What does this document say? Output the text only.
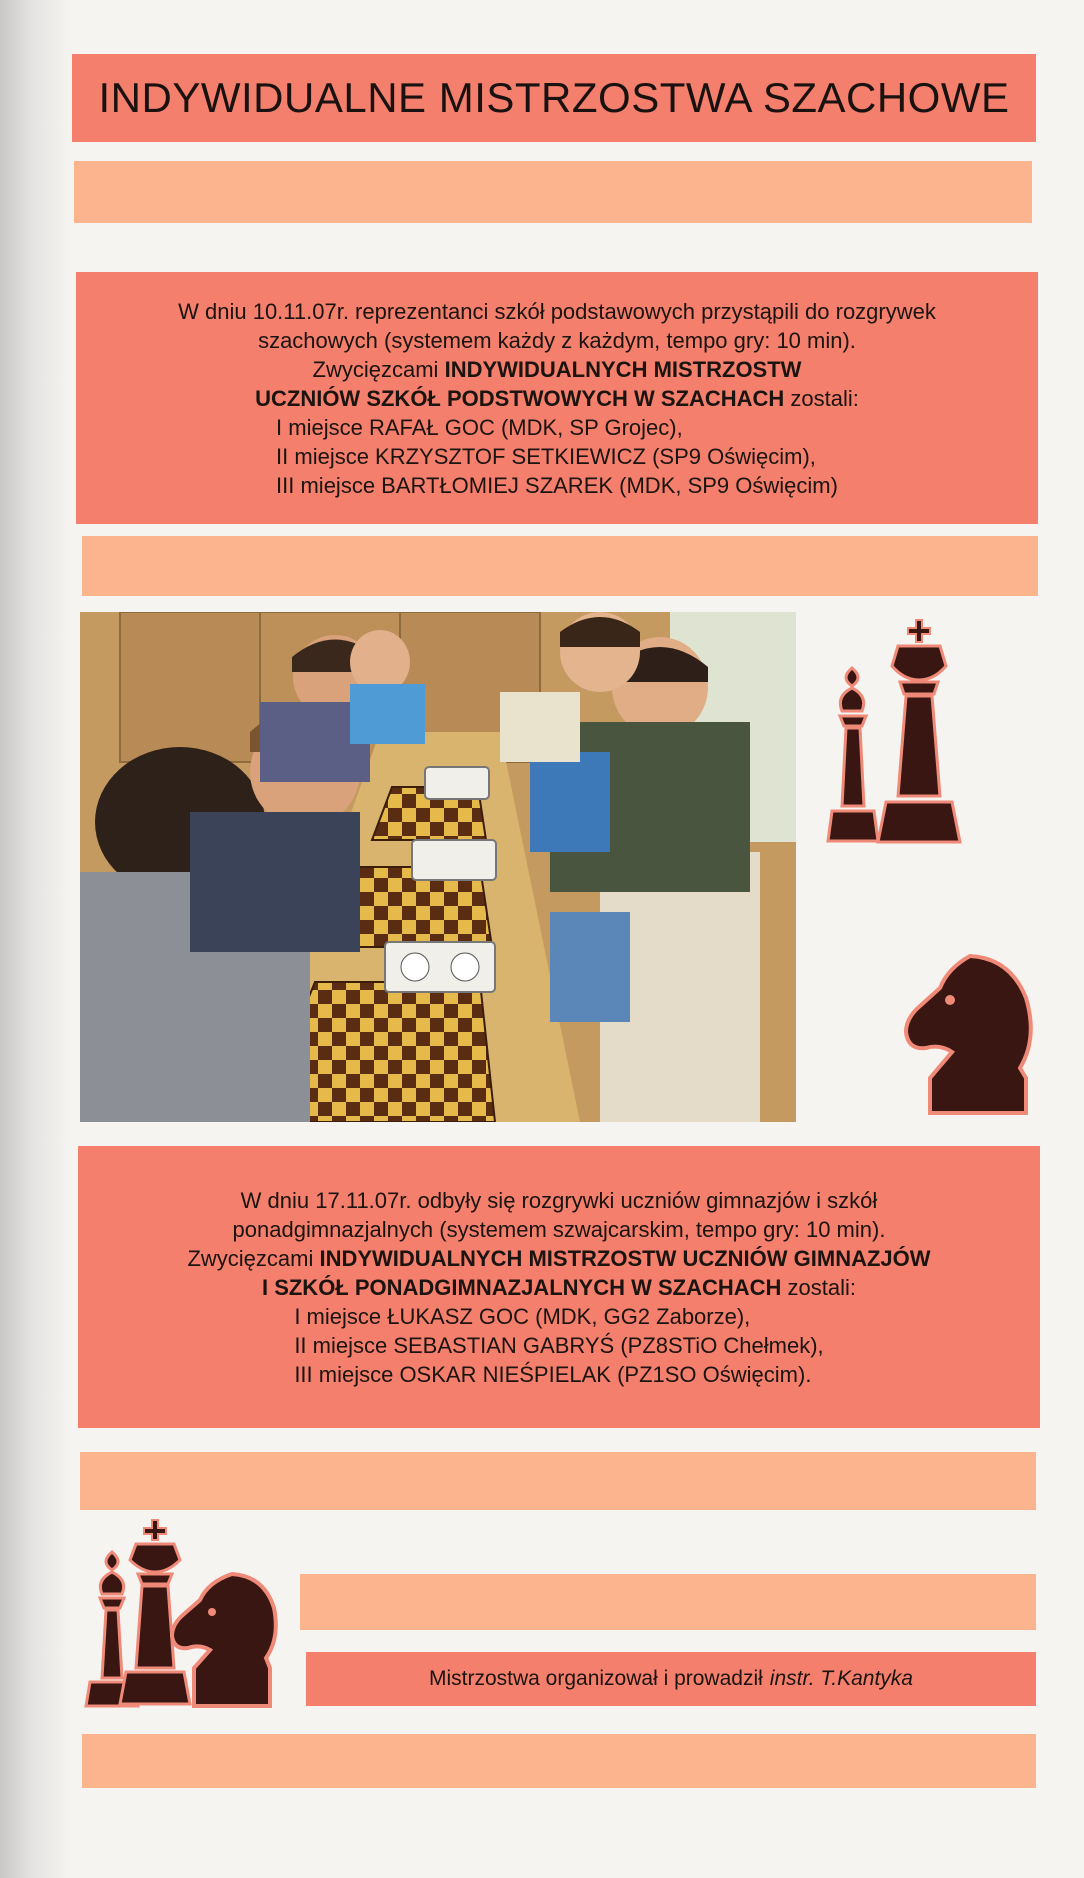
INDYWIDUALNE MISTRZOSTWA SZACHOWE

W dniu 10.11.07r. reprezentanci szkół podstawowych przystąpili do rozgrywek

szachowych (systemem każdy z każdym, tempo gry: 10 min).

Zwycięzcami INDYWIDUALNYCH MISTRZOSTW

UCZNIÓW SZKÓŁ PODSTWOWYCH W SZACHACH zostali:

I miejsce RAFAŁ GOC (MDK, SP Grojec),

II miejsce KRZYSZTOF SETKIEWICZ (SP9 Oświęcim),

III miejsce BARTŁOMIEJ SZAREK (MDK, SP9 Oświęcim)

W dniu 17.11.07r. odbyły się rozgrywki uczniów gimnazjów i szkół

ponadgimnazjalnych (systemem szwajcarskim, tempo gry: 10 min).

Zwycięzcami INDYWIDUALNYCH MISTRZOSTW UCZNIÓW GIMNAZJÓW

I SZKÓŁ PONADGIMNAZJALNYCH W SZACHACH zostali:

I miejsce ŁUKASZ GOC (MDK, GG2 Zaborze),

II miejsce SEBASTIAN GABRYŚ (PZ8STiO Chełmek),

III miejsce OSKAR NIEŚPIELAK (PZ1SO Oświęcim).

Mistrzostwa organizował i prowadził instr. T.Kantyka
